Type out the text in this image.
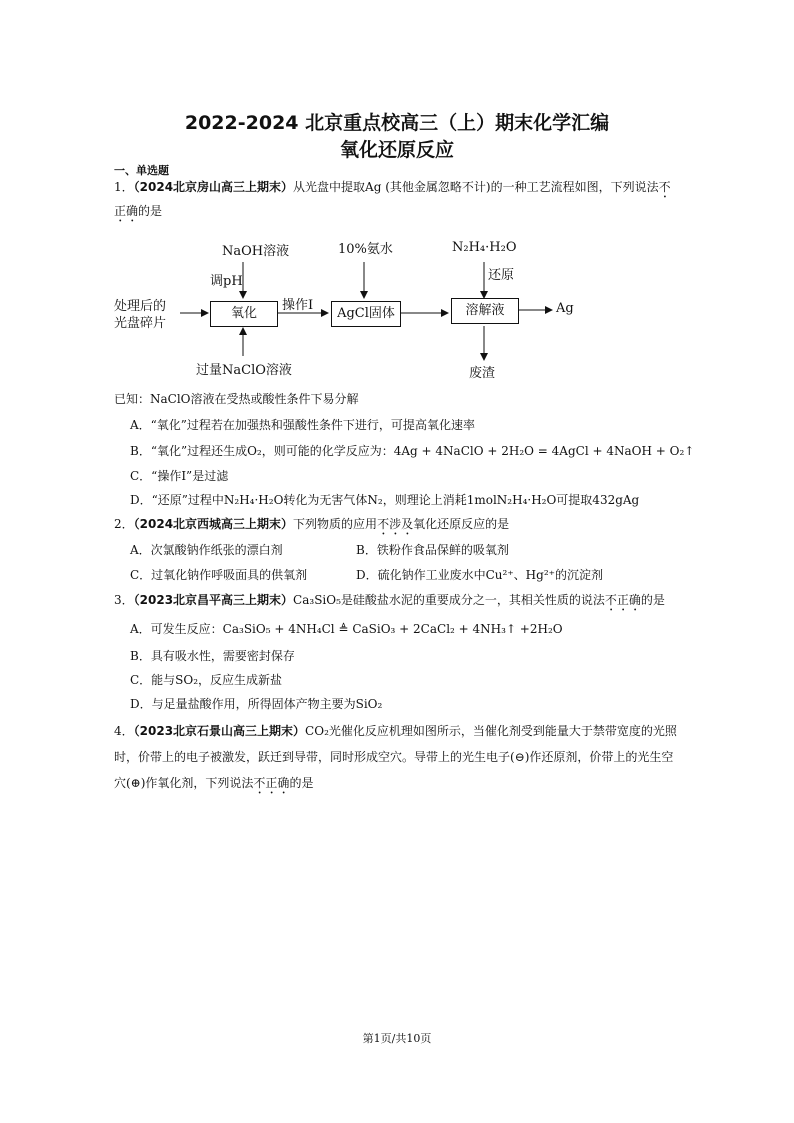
2022-2024 北京重点校高三（上）期末化学汇编
氧化还原反应
一、单选题
1．（2024北京房山高三上期末）从光盘中提取Ag (其他金属忽略不计)的一种工艺流程如图，下列说法不
正确的是
处理后的
光盘碎片
氧化
NaOH溶液
调pH
过量NaClO溶液
操作I
AgCl固体
10%氨水
溶解液
N₂H₄·H₂O
还原
Ag
废渣
已知：NaClO溶液在受热或酸性条件下易分解
A．“氧化”过程若在加强热和强酸性条件下进行，可提高氧化速率
B．“氧化”过程还生成O₂，则可能的化学反应为：4Ag + 4NaClO + 2H₂O = 4AgCl + 4NaOH + O₂↑
C．“操作I”是过滤
D．“还原”过程中N₂H₄·H₂O转化为无害气体N₂，则理论上消耗1molN₂H₄·H₂O可提取432gAg
2．（2024北京西城高三上期末）下列物质的应用不涉及氧化还原反应的是
A．次氯酸钠作纸张的漂白剂	B．铁粉作食品保鲜的吸氧剂
C．过氧化钠作呼吸面具的供氧剂	D．硫化钠作工业废水中Cu²⁺、Hg²⁺的沉淀剂
3．（2023北京昌平高三上期末）Ca₃SiO₅是硅酸盐水泥的重要成分之一，其相关性质的说法不正确的是
A．可发生反应：Ca₃SiO₅ + 4NH₄Cl ≜ CaSiO₃ + 2CaCl₂ + 4NH₃↑ +2H₂O
B．具有吸水性，需要密封保存
C．能与SO₂，反应生成新盐
D．与足量盐酸作用，所得固体产物主要为SiO₂
4．（2023北京石景山高三上期末）CO₂光催化反应机理如图所示，当催化剂受到能量大于禁带宽度的光照
时，价带上的电子被激发，跃迁到导带，同时形成空穴。导带上的光生电子(⊖)作还原剂，价带上的光生空
穴(⊕)作氧化剂，下列说法不正确的是
第1页/共10页
